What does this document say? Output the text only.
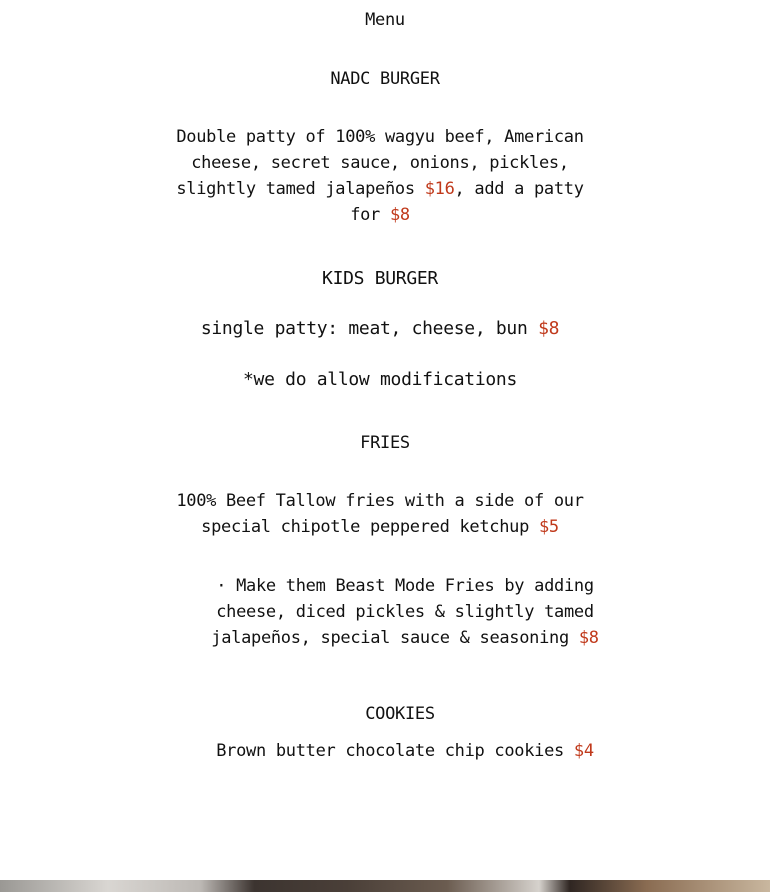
Menu
NADC BURGER
Double patty of 100% wagyu beef, American cheese, secret sauce, onions, pickles, slightly tamed jalapeños $16, add a patty for $8
KIDS BURGER
single patty: meat, cheese, bun $8
*we do allow modifications
FRIES
100% Beef Tallow fries with a side of our special chipotle peppered ketchup $5
· Make them Beast Mode Fries by adding cheese, diced pickles & slightly tamed jalapeños, special sauce & seasoning $8
COOKIES
Brown butter chocolate chip cookies $4
